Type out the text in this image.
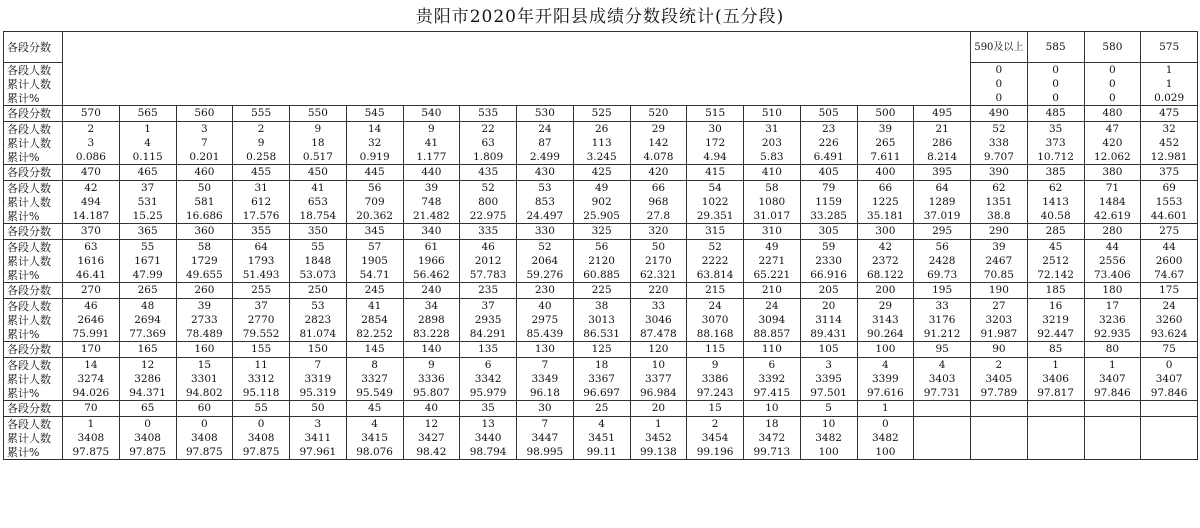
贵阳市2020年开阳县成绩分数段统计(五分段)
各段分数																	590及以上	585	580	575
各段人数																	0	0	0	1
累计人数																	0	0	0	1
累计%																	0	0	0	0.029
各段分数	570	565	560	555	550	545	540	535	530	525	520	515	510	505	500	495	490	485	480	475
各段人数	2	1	3	2	9	14	9	22	24	26	29	30	31	23	39	21	52	35	47	32
累计人数	3	4	7	9	18	32	41	63	87	113	142	172	203	226	265	286	338	373	420	452
累计%	0.086	0.115	0.201	0.258	0.517	0.919	1.177	1.809	2.499	3.245	4.078	4.94	5.83	6.491	7.611	8.214	9.707	10.712	12.062	12.981
各段分数	470	465	460	455	450	445	440	435	430	425	420	415	410	405	400	395	390	385	380	375
各段人数	42	37	50	31	41	56	39	52	53	49	66	54	58	79	66	64	62	62	71	69
累计人数	494	531	581	612	653	709	748	800	853	902	968	1022	1080	1159	1225	1289	1351	1413	1484	1553
累计%	14.187	15.25	16.686	17.576	18.754	20.362	21.482	22.975	24.497	25.905	27.8	29.351	31.017	33.285	35.181	37.019	38.8	40.58	42.619	44.601
各段分数	370	365	360	355	350	345	340	335	330	325	320	315	310	305	300	295	290	285	280	275
各段人数	63	55	58	64	55	57	61	46	52	56	50	52	49	59	42	56	39	45	44	44
累计人数	1616	1671	1729	1793	1848	1905	1966	2012	2064	2120	2170	2222	2271	2330	2372	2428	2467	2512	2556	2600
累计%	46.41	47.99	49.655	51.493	53.073	54.71	56.462	57.783	59.276	60.885	62.321	63.814	65.221	66.916	68.122	69.73	70.85	72.142	73.406	74.67
各段分数	270	265	260	255	250	245	240	235	230	225	220	215	210	205	200	195	190	185	180	175
各段人数	46	48	39	37	53	41	34	37	40	38	33	24	24	20	29	33	27	16	17	24
累计人数	2646	2694	2733	2770	2823	2854	2898	2935	2975	3013	3046	3070	3094	3114	3143	3176	3203	3219	3236	3260
累计%	75.991	77.369	78.489	79.552	81.074	82.252	83.228	84.291	85.439	86.531	87.478	88.168	88.857	89.431	90.264	91.212	91.987	92.447	92.935	93.624
各段分数	170	165	160	155	150	145	140	135	130	125	120	115	110	105	100	95	90	85	80	75
各段人数	14	12	15	11	7	8	9	6	7	18	10	9	6	3	4	4	2	1	1	0
累计人数	3274	3286	3301	3312	3319	3327	3336	3342	3349	3367	3377	3386	3392	3395	3399	3403	3405	3406	3407	3407
累计%	94.026	94.371	94.802	95.118	95.319	95.549	95.807	95.979	96.18	96.697	96.984	97.243	97.415	97.501	97.616	97.731	97.789	97.817	97.846	97.846
各段分数	70	65	60	55	50	45	40	35	30	25	20	15	10	5	1					
各段人数	1	0	0	0	3	4	12	13	7	4	1	2	18	10	0					
累计人数	3408	3408	3408	3408	3411	3415	3427	3440	3447	3451	3452	3454	3472	3482	3482					
累计%	97.875	97.875	97.875	97.875	97.961	98.076	98.42	98.794	98.995	99.11	99.138	99.196	99.713	100	100					
